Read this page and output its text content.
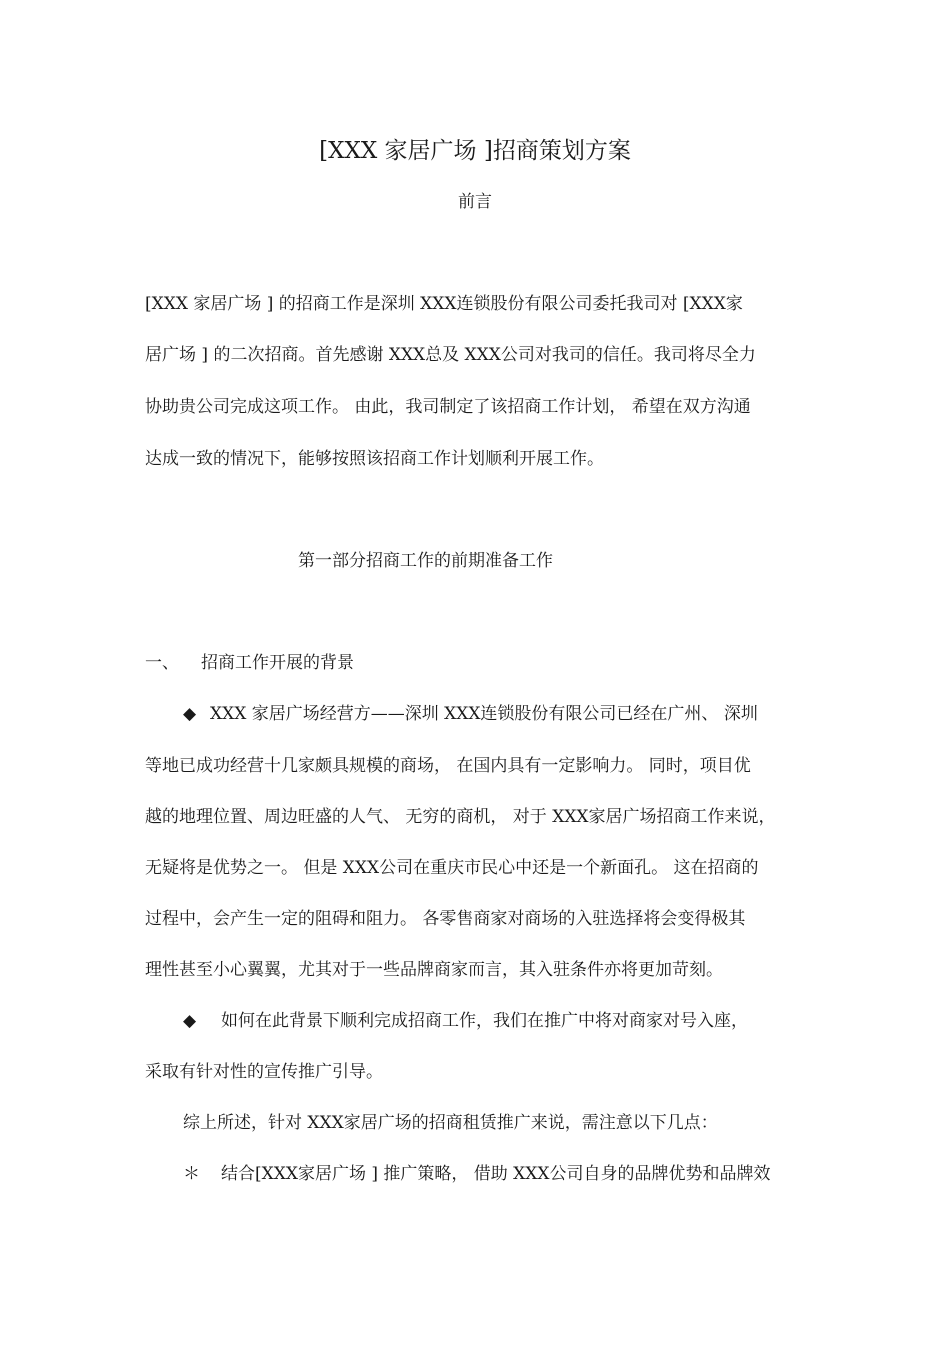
[XXX 家居广场 ]招商策划方案
前言
[XXX 家居广场 ] 的招商工作是深圳 XXX连锁股份有限公司委托我司对 [XXX家
居广场 ] 的二次招商。首先感谢 XXX总及 XXX公司对我司的信任。我司将尽全力
协助贵公司完成这项工作。 由此，我司制定了该招商工作计划， 希望在双方沟通
达成一致的情况下，能够按照该招商工作计划顺利开展工作。
第一部分招商工作的前期准备工作
一、 招商工作开展的背景
◆ XXX 家居广场经营方——深圳 XXX连锁股份有限公司已经在广州、 深圳
等地已成功经营十几家颇具规模的商场， 在国内具有一定影响力。 同时，项目优
越的地理位置、周边旺盛的人气、 无穷的商机， 对于 XXX家居广场招商工作来说，
无疑将是优势之一。 但是 XXX公司在重庆市民心中还是一个新面孔。 这在招商的
过程中，会产生一定的阻碍和阻力。 各零售商家对商场的入驻选择将会变得极其
理性甚至小心翼翼，尤其对于一些品牌商家而言，其入驻条件亦将更加苛刻。
◆ 如何在此背景下顺利完成招商工作，我们在推广中将对商家对号入座，
采取有针对性的宣传推广引导。
综上所述，针对 XXX家居广场的招商租赁推广来说，需注意以下几点：
＊ 结合[XXX家居广场 ] 推广策略， 借助 XXX公司自身的品牌优势和品牌效
